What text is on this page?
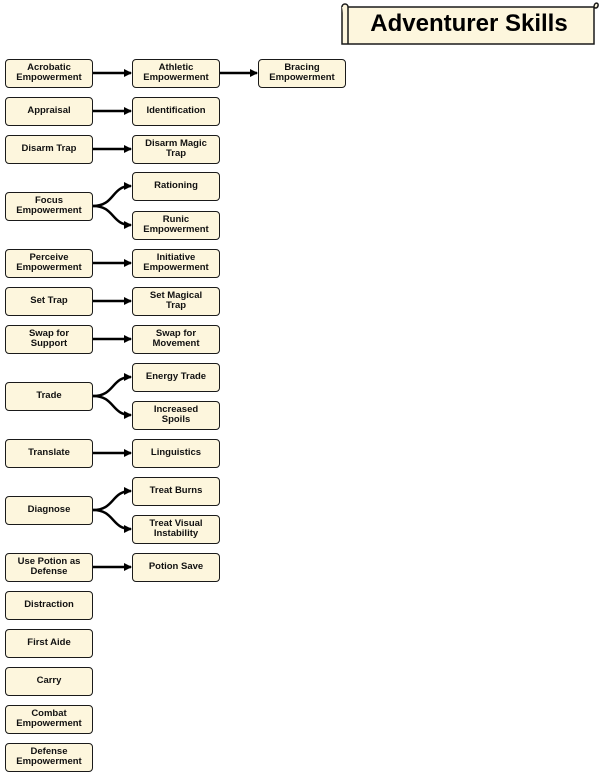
Adventurer Skills
Acrobatic
Empowerment
Athletic
Empowerment
Bracing
Empowerment
Appraisal	Identification
Disarm Trap	Disarm Magic
Trap
Focus
Empowerment
Rationing
Runic
Empowerment
Perceive
Empowerment
Initiative
Empowerment
Set Trap	Set Magical
Trap
Swap for
Support
Swap for
Movement
Trade
Energy Trade
Increased
Spoils
Translate	Linguistics
Diagnose
Treat Burns
Treat Visual
Instability
Use Potion as
Defense	Potion Save
Distraction
First Aide
Carry
Combat
Empowerment
Defense
Empowerment
